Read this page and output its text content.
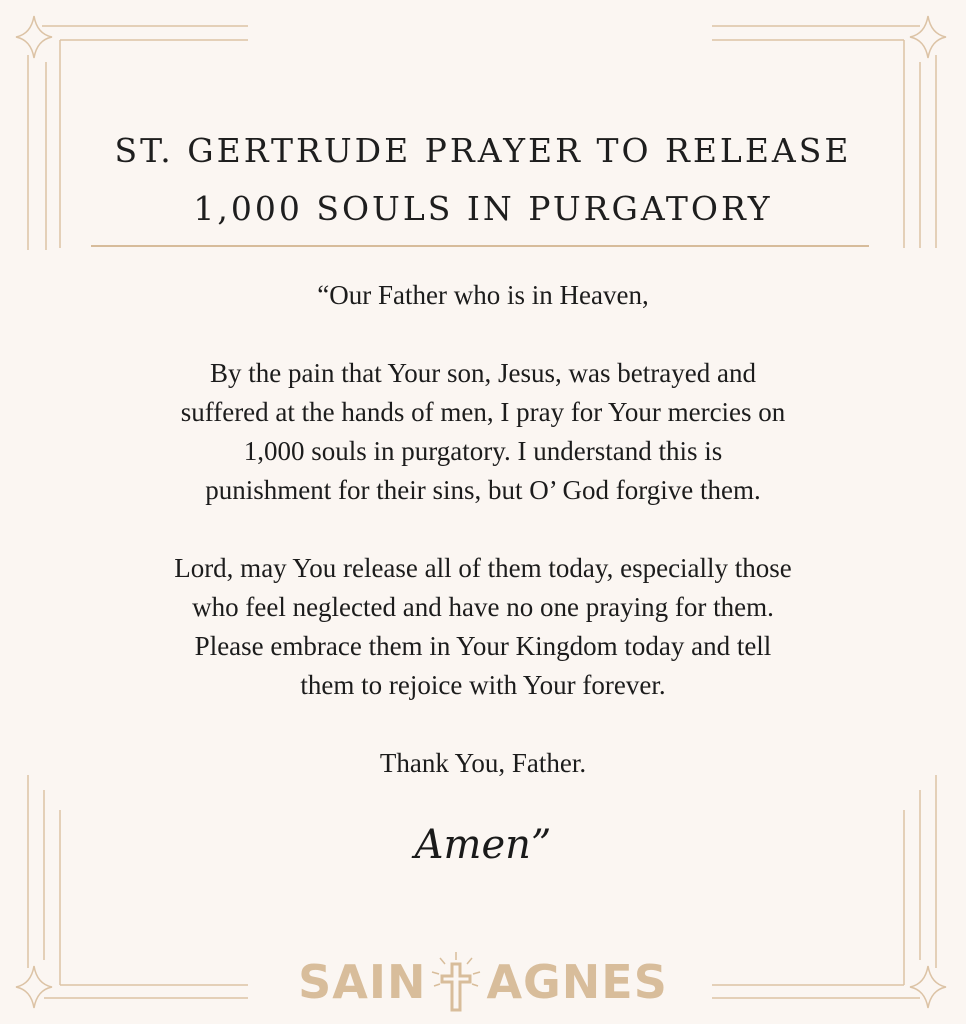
ST. GERTRUDE PRAYER TO RELEASE
1,000 SOULS IN PURGATORY

“Our Father who is in Heaven,

By the pain that Your son, Jesus, was betrayed and

suffered at the hands of men, I pray for Your mercies on

1,000 souls in purgatory. I understand this is

punishment for their sins, but O’ God forgive them.

Lord, may You release all of them today, especially those

who feel neglected and have no one praying for them.

Please embrace them in Your Kingdom today and tell

them to rejoice with Your forever.

Thank You, Father.

Amen”
SAIN AGNES
